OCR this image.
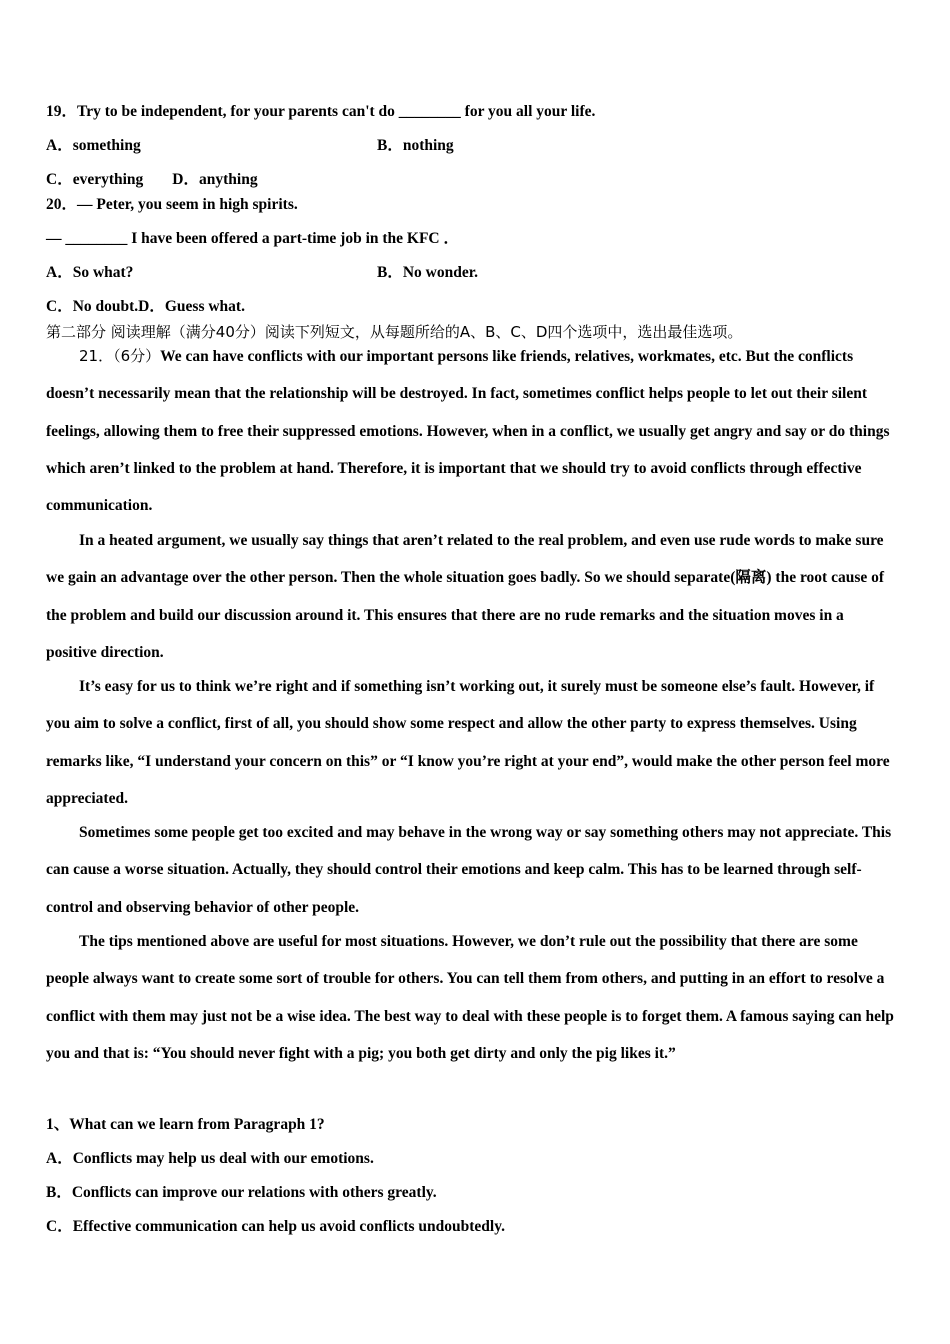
19．Try to be independent, for your parents can't do ________ for you all your life.
A．something	B．nothing
C．everything D．anything
20．— Peter, you seem in high spirits.
— ________ I have been offered a part-time job in the KFC ．
A．So what?	B．No wonder.
C．No doubt.D．Guess what.
第二部分 阅读理解（满分40分）阅读下列短文，从每题所给的A、B、C、D四个选项中，选出最佳选项。
21．（6分）We can have conflicts with our important persons like friends, relatives, workmates, etc. But the conflicts doesn’t necessarily mean that the relationship will be destroyed. In fact, sometimes conflict helps people to let out their silent feelings, allowing them to free their suppressed emotions. However, when in a conflict, we usually get angry and say or do things which aren’t linked to the problem at hand. Therefore, it is important that we should try to avoid conflicts through effective communication.
In a heated argument, we usually say things that aren’t related to the real problem, and even use rude words to make sure we gain an advantage over the other person. Then the whole situation goes badly. So we should separate(隔离) the root cause of the problem and build our discussion around it. This ensures that there are no rude remarks and the situation moves in a positive direction.
It’s easy for us to think we’re right and if something isn’t working out, it surely must be someone else’s fault. However, if you aim to solve a conflict, first of all, you should show some respect and allow the other party to express themselves. Using remarks like, “I understand your concern on this” or “I know you’re right at your end”, would make the other person feel more appreciated.
Sometimes some people get too excited and may behave in the wrong way or say something others may not appreciate. This can cause a worse situation. Actually, they should control their emotions and keep calm. This has to be learned through self-control and observing behavior of other people.
The tips mentioned above are useful for most situations. However, we don’t rule out the possibility that there are some people always want to create some sort of trouble for others. You can tell them from others, and putting in an effort to resolve a conflict with them may just not be a wise idea. The best way to deal with these people is to forget them. A famous saying can help you and that is: “You should never fight with a pig; you both get dirty and only the pig likes it.”
1、What can we learn from Paragraph 1?
A．Conflicts may help us deal with our emotions.
B．Conflicts can improve our relations with others greatly.
C．Effective communication can help us avoid conflicts undoubtedly.
